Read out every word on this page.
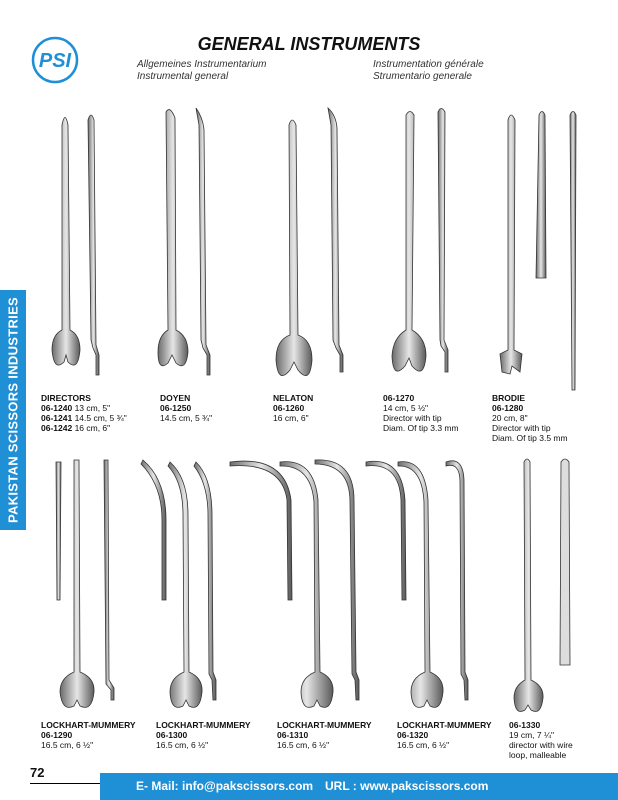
PAKISTAN SCISSORS INDUSTRIES
PSI
GENERAL INSTRUMENTS
Allgemeines Instrumentarium
Instrumental general
Instrumentation générale
Strumentario generale
DIRECTORS
06-1240 13 cm, 5"
06-1241 14.5 cm, 5 ¾"
06-1242 16 cm, 6"
DOYEN
06-1250
14.5 cm, 5 ¾"
NELATON
06-1260
16 cm, 6"
06-1270
14 cm, 5 ½"
Director with tip
Diam. Of tip 3.3 mm
BRODIE
06-1280
20 cm, 8"
Director with tip
Diam. Of tip 3.5 mm
LOCKHART-MUMMERY
06-1290
16.5 cm, 6 ½"
LOCKHART-MUMMERY
06-1300
16.5 cm, 6 ½"
LOCKHART-MUMMERY
06-1310
16.5 cm, 6 ½"
LOCKHART-MUMMERY
06-1320
16.5 cm, 6 ½"
06-1330
19 cm, 7 ¼"
director with wire
loop, malleable
72
E- Mail: info@pakscissors.com URL : www.pakscissors.com
